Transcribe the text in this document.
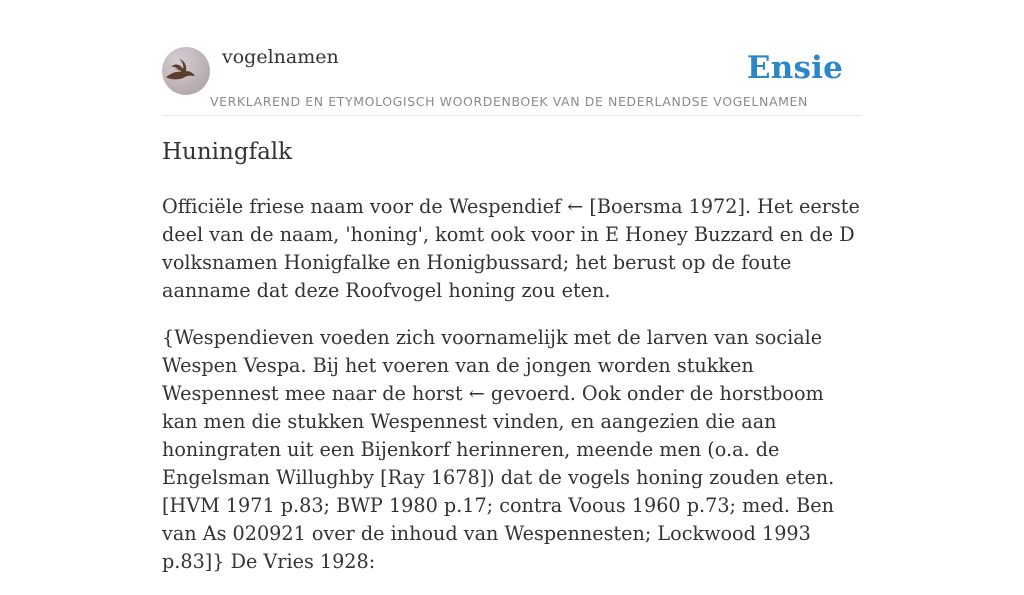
vogelnamen	Ensie
VERKLAREND EN ETYMOLOGISCH WOORDENBOEK VAN DE NEDERLANDSE VOGELNAMEN
Huningfalk

Officiële friese naam voor de Wespendief ← [Boersma 1972]. Het eerste deel van de naam, 'honing', komt ook voor in E Honey Buzzard en de D volksnamen Honigfalke en Honigbussard; het berust op de foute aanname dat deze Roofvogel honing zou eten.

{Wespendieven voeden zich voornamelijk met de larven van sociale Wespen Vespa. Bij het voeren van de jongen worden stukken Wespennest mee naar de horst ← gevoerd. Ook onder de horstboom kan men die stukken Wespennest vinden, en aangezien die aan honingraten uit een Bijenkorf herinneren, meende men (o.a. de Engelsman Willughby [Ray 1678]) dat de vogels honing zouden eten. [HVM 1971 p.83; BWP 1980 p.17; contra Voous 1960 p.73; med. Ben van As 020921 over de inhoud van Wespennesten; Lockwood 1993 p.83]} De Vries 1928:
